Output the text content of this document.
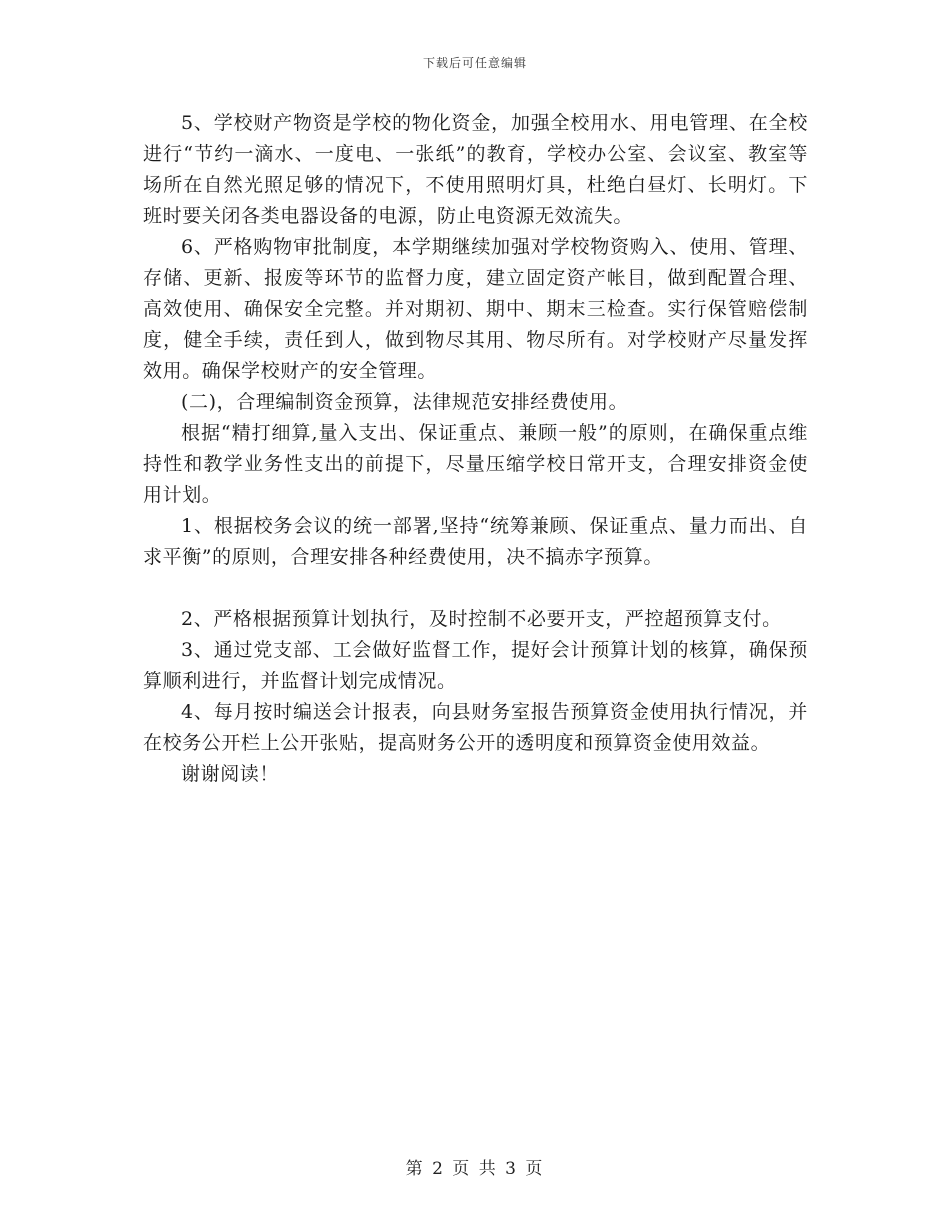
下载后可任意编辑

5、学校财产物资是学校的物化资金，加强全校用水、用电管理、在全校进行“节约一滴水、一度电、一张纸”的教育，学校办公室、会议室、教室等场所在自然光照足够的情况下，不使用照明灯具，杜绝白昼灯、长明灯。下班时要关闭各类电器设备的电源，防止电资源无效流失。

6、严格购物审批制度，本学期继续加强对学校物资购入、使用、管理、存储、更新、报废等环节的监督力度，建立固定资产帐目，做到配置合理、高效使用、确保安全完整。并对期初、期中、期末三检查。实行保管赔偿制度，健全手续，责任到人，做到物尽其用、物尽所有。对学校财产尽量发挥效用。确保学校财产的安全管理。

(二)，合理编制资金预算，法律规范安排经费使用。

根据“精打细算,量入支出、保证重点、兼顾一般”的原则，在确保重点维持性和教学业务性支出的前提下，尽量压缩学校日常开支，合理安排资金使用计划。

1、根据校务会议的统一部署,坚持“统筹兼顾、保证重点、量力而出、自求平衡”的原则，合理安排各种经费使用，决不搞赤字预算。

2、严格根据预算计划执行，及时控制不必要开支，严控超预算支付。

3、通过党支部、工会做好监督工作，提好会计预算计划的核算，确保预算顺利进行，并监督计划完成情况。

4、每月按时编送会计报表，向县财务室报告预算资金使用执行情况，并在校务公开栏上公开张贴，提高财务公开的透明度和预算资金使用效益。

谢谢阅读！

第 2 页 共 3 页
